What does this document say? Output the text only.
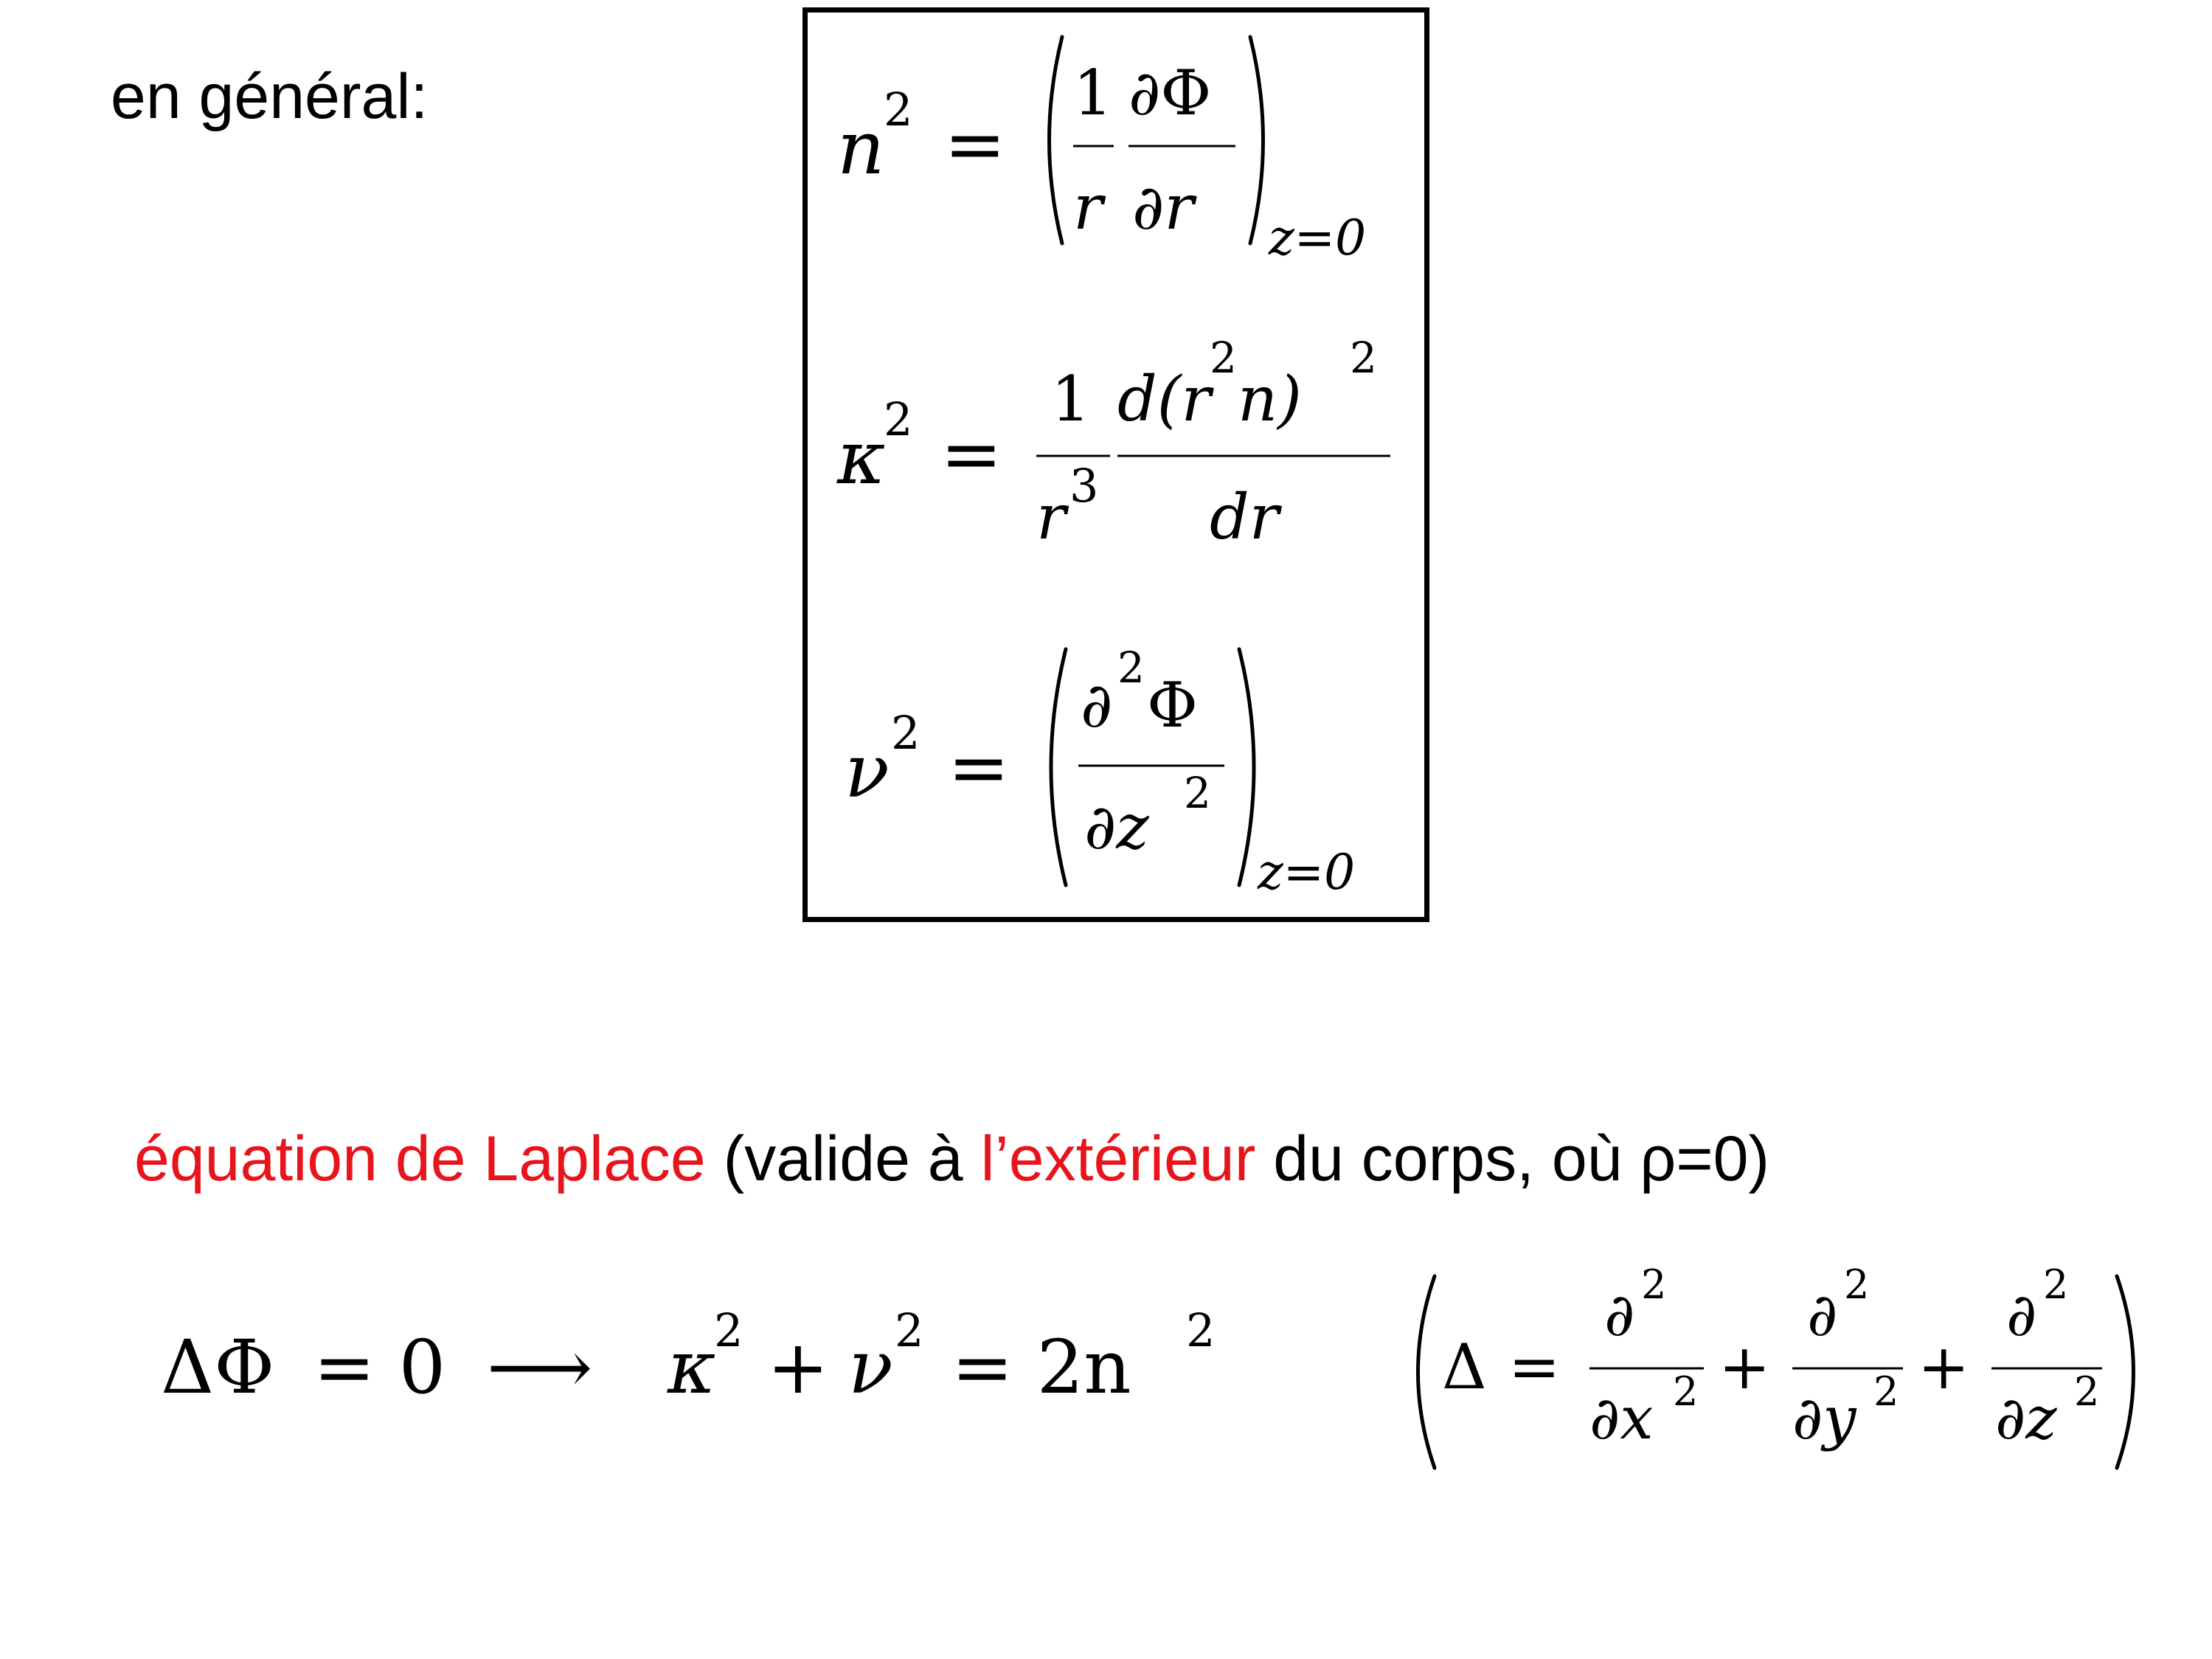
en général:
n
2 =
1
r
∂Φ
∂r z=0
κ
2 =
1
r 3
d(r
2
n)
2
dr
ν 2 =
∂
2
Φ
∂z 2
z=0
ΔΦ = 0 ⟶ κ
2 + ν 2 = 2n 2
Δ =
∂ 2
∂x 2 +
∂ 2
∂y 2 +
∂ 2
∂z 2
équation de Laplace (valide à l’extérieur du corps, où ρ=0)
